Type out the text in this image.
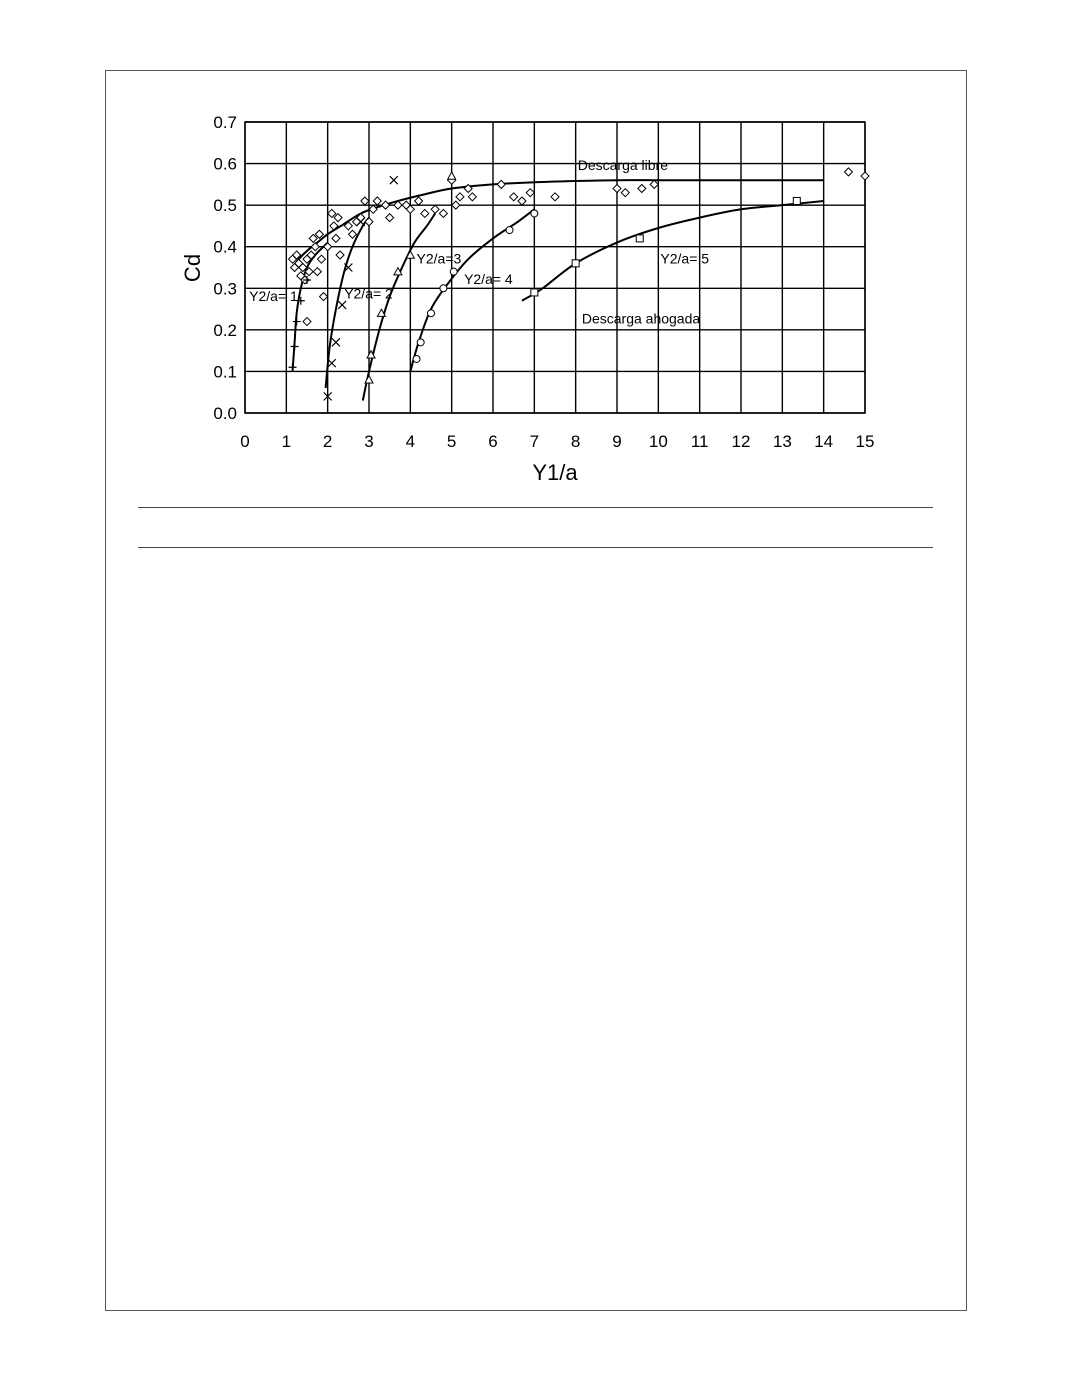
0 1 2 3 4 5 6 7 8 9 10 11 12 13 14 15
0.0
0.1
0.2
0.3
0.4
0.5
0.6
0.7
Descarga libre
Y2/a= 1	Y2/a= 2
Y2/a=3
Y2/a= 4
Y2/a= 5
Descarga ahogada
Y1/a
Cd
